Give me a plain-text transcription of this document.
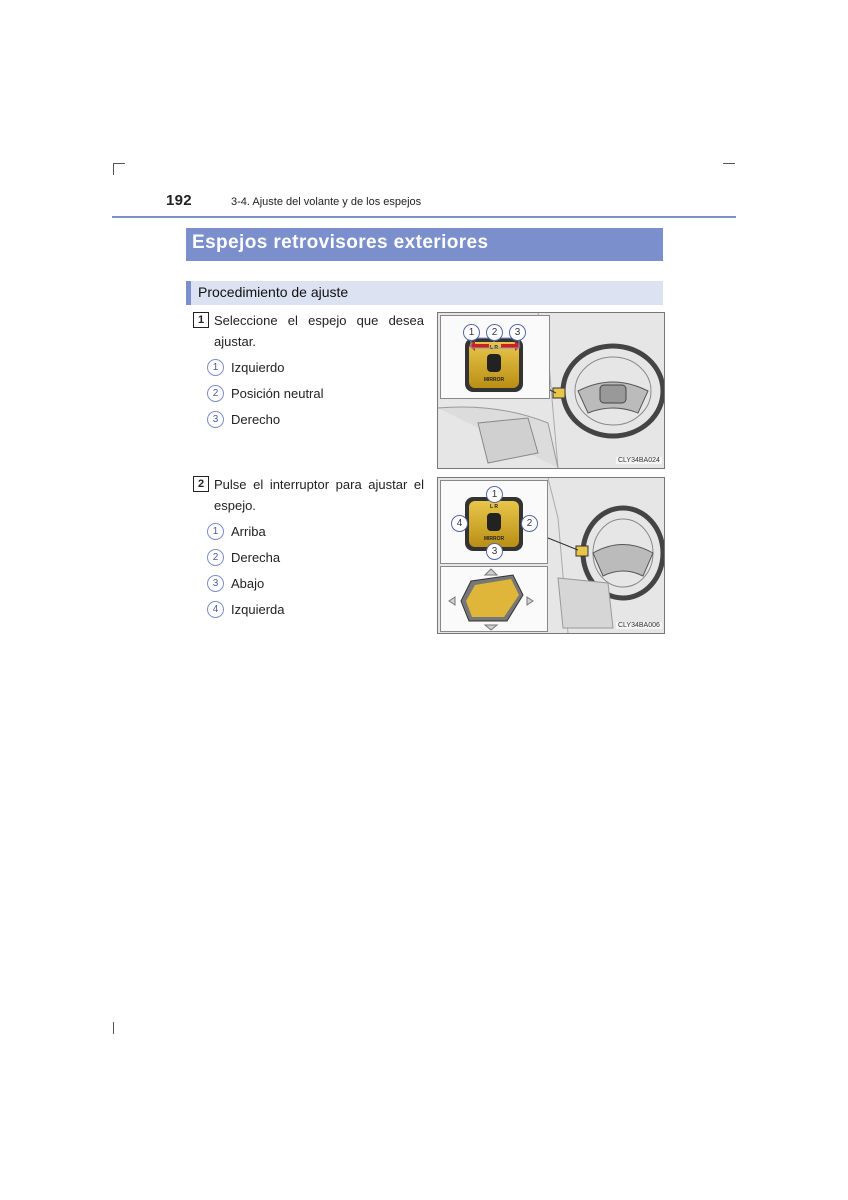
192	3-4. Ajuste del volante y de los espejos
Espejos retrovisores exteriores
Procedimiento de ajuste
1 Seleccione el espejo que desea ajustar.
1 Izquierdo
2 Posición neutral
3 Derecho
L R
MIRROR
1	2	3
CLY34BA024
2 Pulse el interruptor para ajustar el espejo.
1 Arriba
2 Derecha
3 Abajo
4 Izquierda
L R
MIRROR
1
2
3
4
CLY34BA006
